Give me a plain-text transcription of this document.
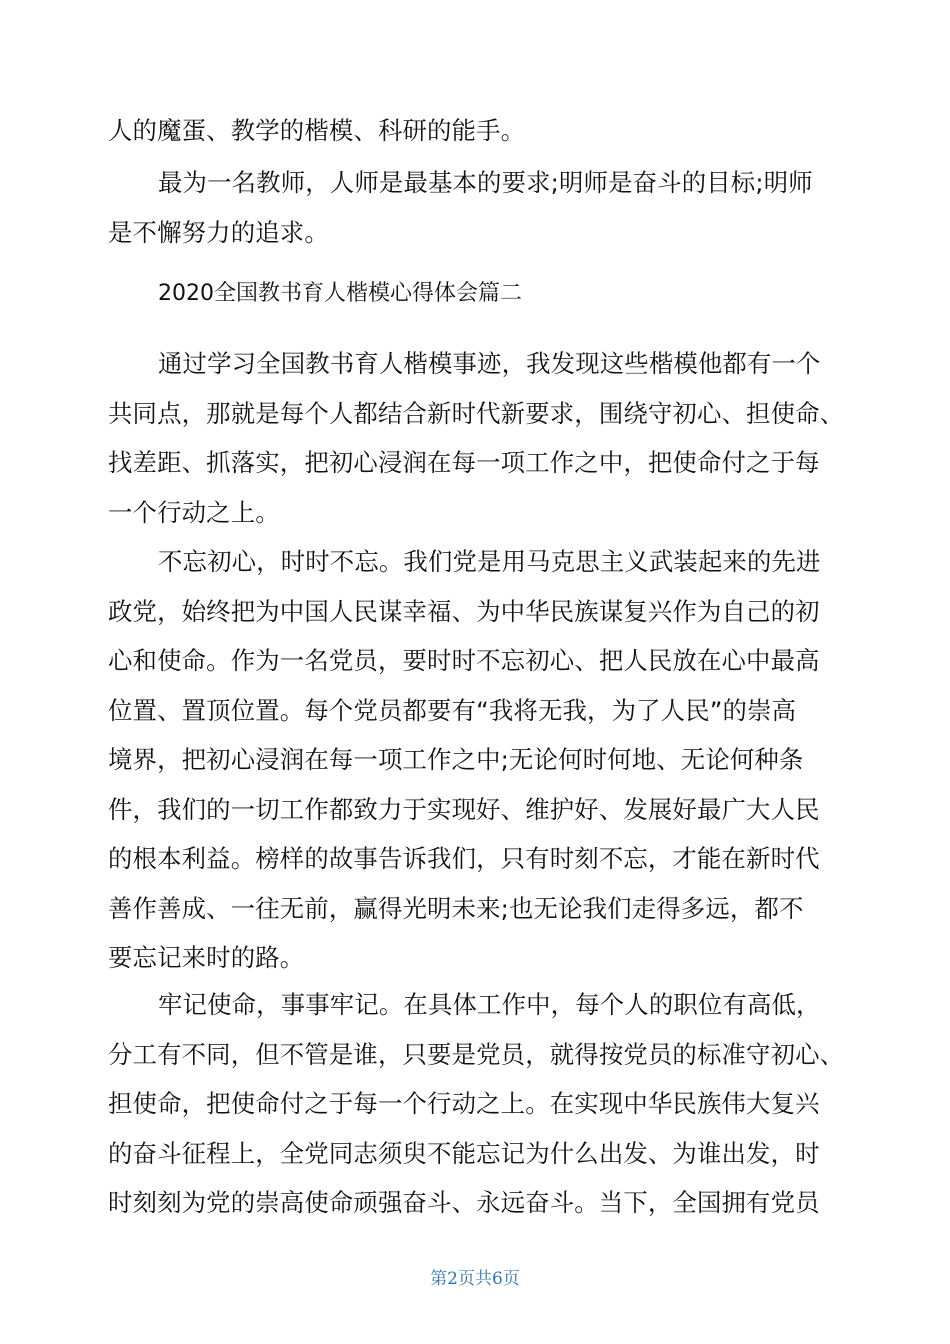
人的魔蛋、教学的楷模、科研的能手。
最为一名教师，人师是最基本的要求;明师是奋斗的目标;明师
是不懈努力的追求。
2020全国教书育人楷模心得体会篇二
通过学习全国教书育人楷模事迹，我发现这些楷模他都有一个
共同点，那就是每个人都结合新时代新要求，围绕守初心、担使命、
找差距、抓落实，把初心浸润在每一项工作之中，把使命付之于每
一个行动之上。
不忘初心，时时不忘。我们党是用马克思主义武装起来的先进
政党，始终把为中国人民谋幸福、为中华民族谋复兴作为自己的初
心和使命。作为一名党员，要时时不忘初心、把人民放在心中最高
位置、置顶位置。每个党员都要有“我将无我，为了人民”的崇高
境界，把初心浸润在每一项工作之中;无论何时何地、无论何种条
件，我们的一切工作都致力于实现好、维护好、发展好最广大人民
的根本利益。榜样的故事告诉我们，只有时刻不忘，才能在新时代
善作善成、一往无前，赢得光明未来;也无论我们走得多远，都不
要忘记来时的路。
牢记使命，事事牢记。在具体工作中，每个人的职位有高低，
分工有不同，但不管是谁，只要是党员，就得按党员的标准守初心、
担使命，把使命付之于每一个行动之上。在实现中华民族伟大复兴
的奋斗征程上，全党同志须臾不能忘记为什么出发、为谁出发，时
时刻刻为党的崇高使命顽强奋斗、永远奋斗。当下，全国拥有党员
第2页共6页
